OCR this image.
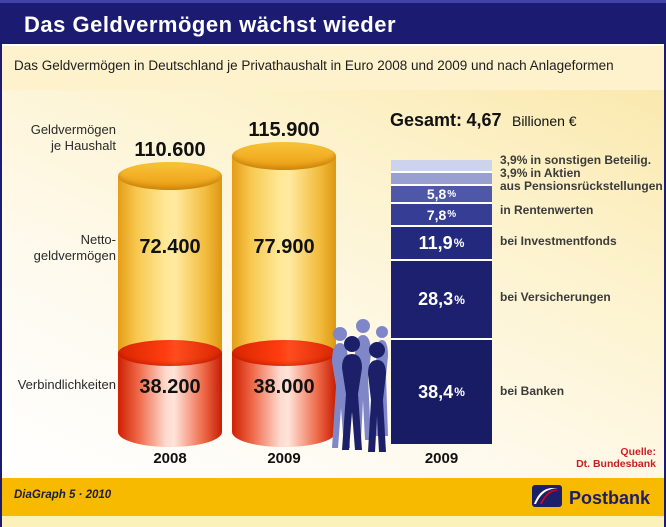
Das Geldvermögen wächst wieder
Das Geldvermögen in Deutschland je Privathaushalt in Euro 2008 und 2009 und nach Anlageformen
Geldvermögen
je Haushalt
Netto-
geldvermögen
Verbindlichkeiten
110.600
72.400
38.200
2008
115.900
77.900
38.000
2009
Gesamt: 4,67 Billionen €
5,8 %
7,8 %
11,9 %
28,3 %
38,4 %
2009
3,9% in sonstigen Beteilig.
3,9% in Aktien
aus Pensionsrückstellungen
in Rentenwerten
bei Investmentfonds
bei Versicherungen
bei Banken
Quelle:
Dt. Bundesbank
DiaGraph 5 · 2010	Postbank
